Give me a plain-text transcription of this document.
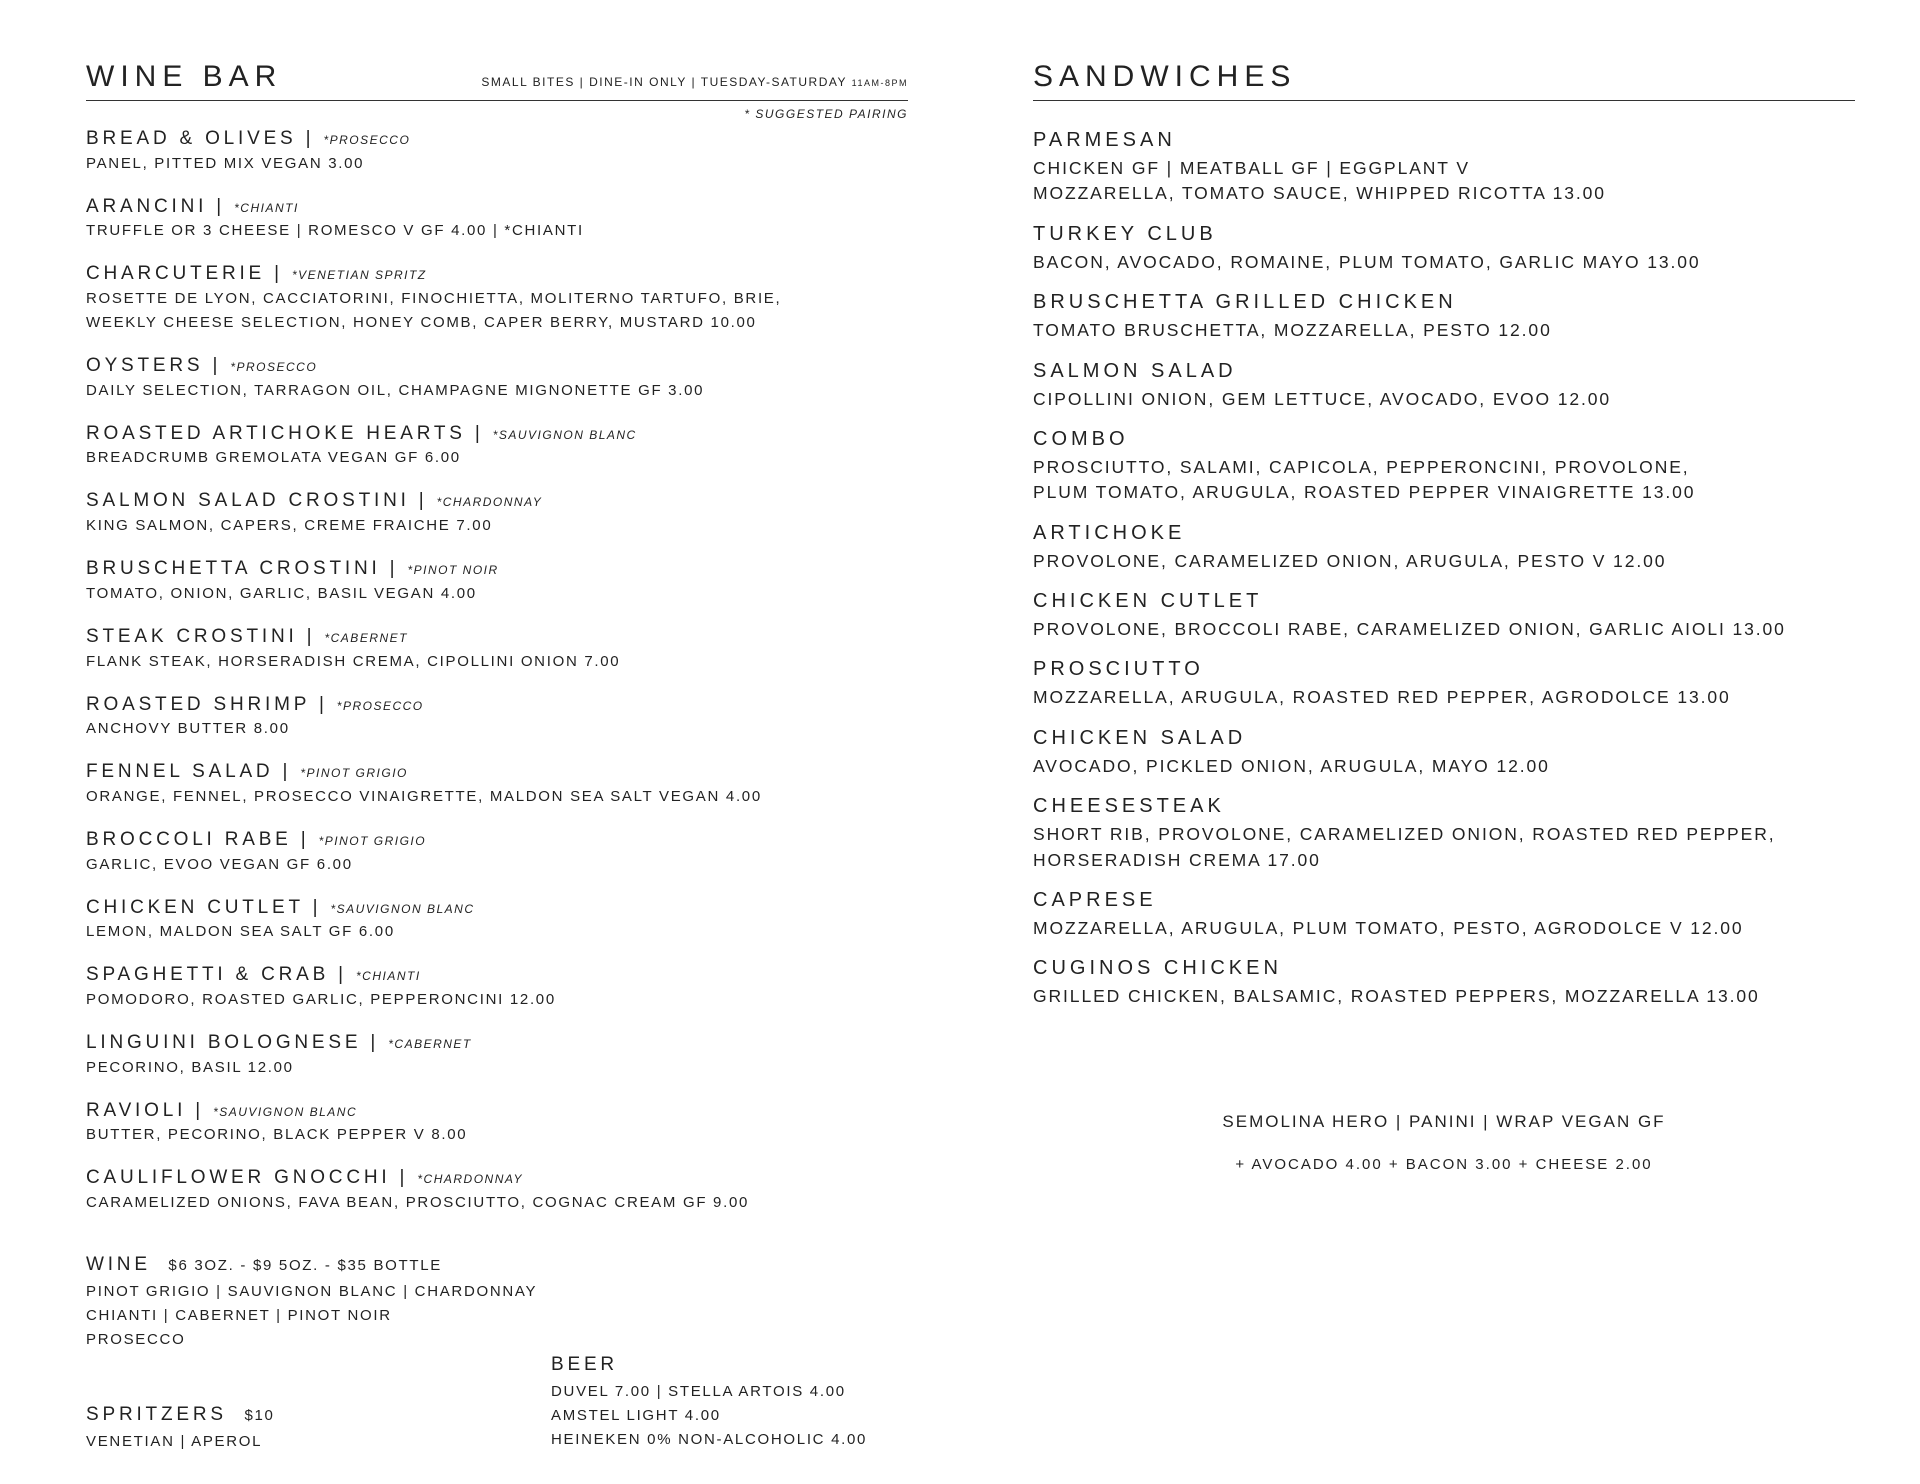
WINE BAR	SMALL BITES | DINE-IN ONLY | TUESDAY-SATURDAY 11AM-8PM
* SUGGESTED PAIRING
BREAD & OLIVES | *PROSECCO
PANEL, PITTED MIX VEGAN 3.00
ARANCINI | *CHIANTI
TRUFFLE OR 3 CHEESE | ROMESCO V GF 4.00 | *CHIANTI
CHARCUTERIE | *VENETIAN SPRITZ
ROSETTE DE LYON, CACCIATORINI, FINOCHIETTA, MOLITERNO TARTUFO, BRIE,
WEEKLY CHEESE SELECTION, HONEY COMB, CAPER BERRY, MUSTARD 10.00
OYSTERS | *PROSECCO
DAILY SELECTION, TARRAGON OIL, CHAMPAGNE MIGNONETTE GF 3.00
ROASTED ARTICHOKE HEARTS | *SAUVIGNON BLANC
BREADCRUMB GREMOLATA VEGAN GF 6.00
SALMON SALAD CROSTINI | *CHARDONNAY
KING SALMON, CAPERS, CREME FRAICHE 7.00
BRUSCHETTA CROSTINI | *PINOT NOIR
TOMATO, ONION, GARLIC, BASIL VEGAN 4.00
STEAK CROSTINI | *CABERNET
FLANK STEAK, HORSERADISH CREMA, CIPOLLINI ONION 7.00
ROASTED SHRIMP | *PROSECCO
ANCHOVY BUTTER 8.00
FENNEL SALAD | *PINOT GRIGIO
ORANGE, FENNEL, PROSECCO VINAIGRETTE, MALDON SEA SALT VEGAN 4.00
BROCCOLI RABE | *PINOT GRIGIO
GARLIC, EVOO VEGAN GF 6.00
CHICKEN CUTLET | *SAUVIGNON BLANC
LEMON, MALDON SEA SALT GF 6.00
SPAGHETTI & CRAB | *CHIANTI
POMODORO, ROASTED GARLIC, PEPPERONCINI 12.00
LINGUINI BOLOGNESE | *CABERNET
PECORINO, BASIL 12.00
RAVIOLI | *SAUVIGNON BLANC
BUTTER, PECORINO, BLACK PEPPER V 8.00
CAULIFLOWER GNOCCHI | *CHARDONNAY
CARAMELIZED ONIONS, FAVA BEAN, PROSCIUTTO, COGNAC CREAM GF 9.00
WINE $6 3OZ. - $9 5OZ. - $35 BOTTLE
PINOT GRIGIO | SAUVIGNON BLANC | CHARDONNAY
CHIANTI | CABERNET | PINOT NOIR
PROSECCO
BEER
DUVEL 7.00 | STELLA ARTOIS 4.00
AMSTEL LIGHT 4.00
HEINEKEN 0% NON-ALCOHOLIC 4.00
SPRITZERS $10
VENETIAN | APEROL
SANDWICHES
PARMESAN
CHICKEN GF | MEATBALL GF | EGGPLANT V
MOZZARELLA, TOMATO SAUCE, WHIPPED RICOTTA 13.00
TURKEY CLUB
BACON, AVOCADO, ROMAINE, PLUM TOMATO, GARLIC MAYO 13.00
BRUSCHETTA GRILLED CHICKEN
TOMATO BRUSCHETTA, MOZZARELLA, PESTO 12.00
SALMON SALAD
CIPOLLINI ONION, GEM LETTUCE, AVOCADO, EVOO 12.00
COMBO
PROSCIUTTO, SALAMI, CAPICOLA, PEPPERONCINI, PROVOLONE,
PLUM TOMATO, ARUGULA, ROASTED PEPPER VINAIGRETTE 13.00
ARTICHOKE
PROVOLONE, CARAMELIZED ONION, ARUGULA, PESTO V 12.00
CHICKEN CUTLET
PROVOLONE, BROCCOLI RABE, CARAMELIZED ONION, GARLIC AIOLI 13.00
PROSCIUTTO
MOZZARELLA, ARUGULA, ROASTED RED PEPPER, AGRODOLCE 13.00
CHICKEN SALAD
AVOCADO, PICKLED ONION, ARUGULA, MAYO 12.00
CHEESESTEAK
SHORT RIB, PROVOLONE, CARAMELIZED ONION, ROASTED RED PEPPER,
HORSERADISH CREMA 17.00
CAPRESE
MOZZARELLA, ARUGULA, PLUM TOMATO, PESTO, AGRODOLCE V 12.00
CUGINOS CHICKEN
GRILLED CHICKEN, BALSAMIC, ROASTED PEPPERS, MOZZARELLA 13.00
SEMOLINA HERO | PANINI | WRAP VEGAN GF
+ AVOCADO 4.00 + BACON 3.00 + CHEESE 2.00
